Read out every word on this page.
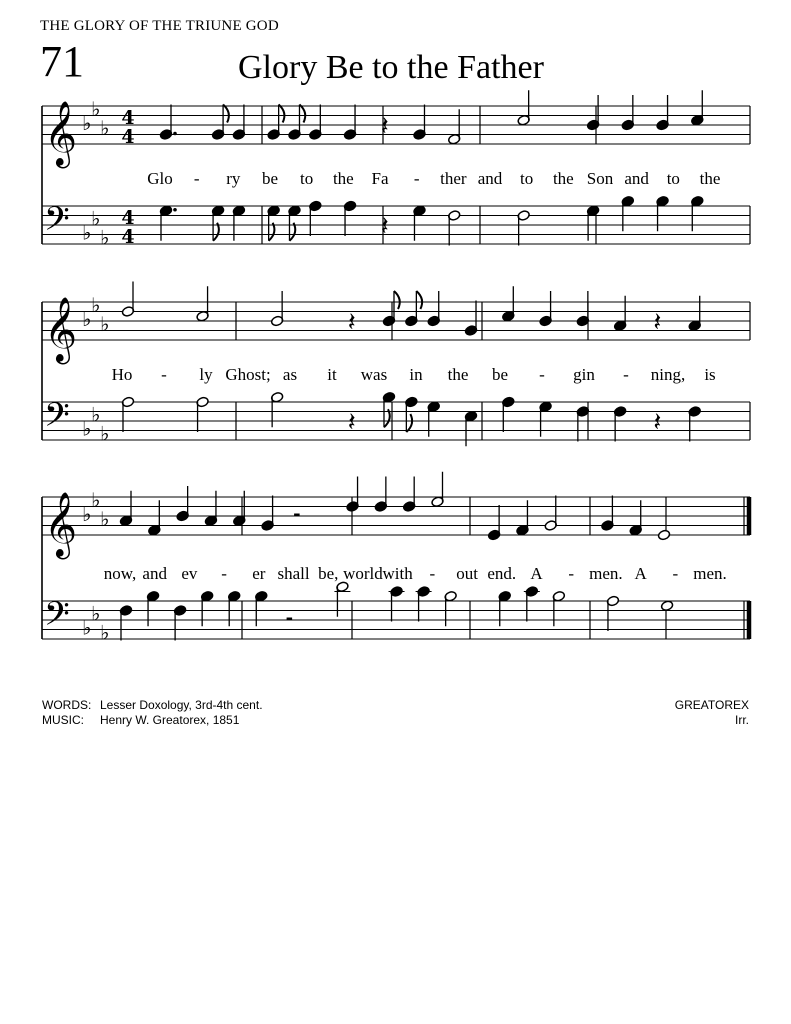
THE GLORY OF THE TRIUNE GOD
71	Glory Be to the Father
𝄞 ♭
♭
♭
𝄢 ♭
♭
♭
4
4
4
4
𝄽
𝄽
Glo - ry be to the Fa - ther and to the Son and to the
𝄞 ♭
♭
♭
𝄢 ♭
♭
♭
𝄽	𝄽
𝄽	𝄽
Ho - ly Ghost; as it was in the be - gin - ning, is
𝄞 ♭
♭
♭
𝄢 ♭
♭
♭
𝄼
𝄼
now, and ev - er shall be, world with - out end. A - men. A - men.
WORDS: Lesser Doxology, 3rd-4th cent.
MUSIC: Henry W. Greatorex, 1851
GREATOREX
Irr.
